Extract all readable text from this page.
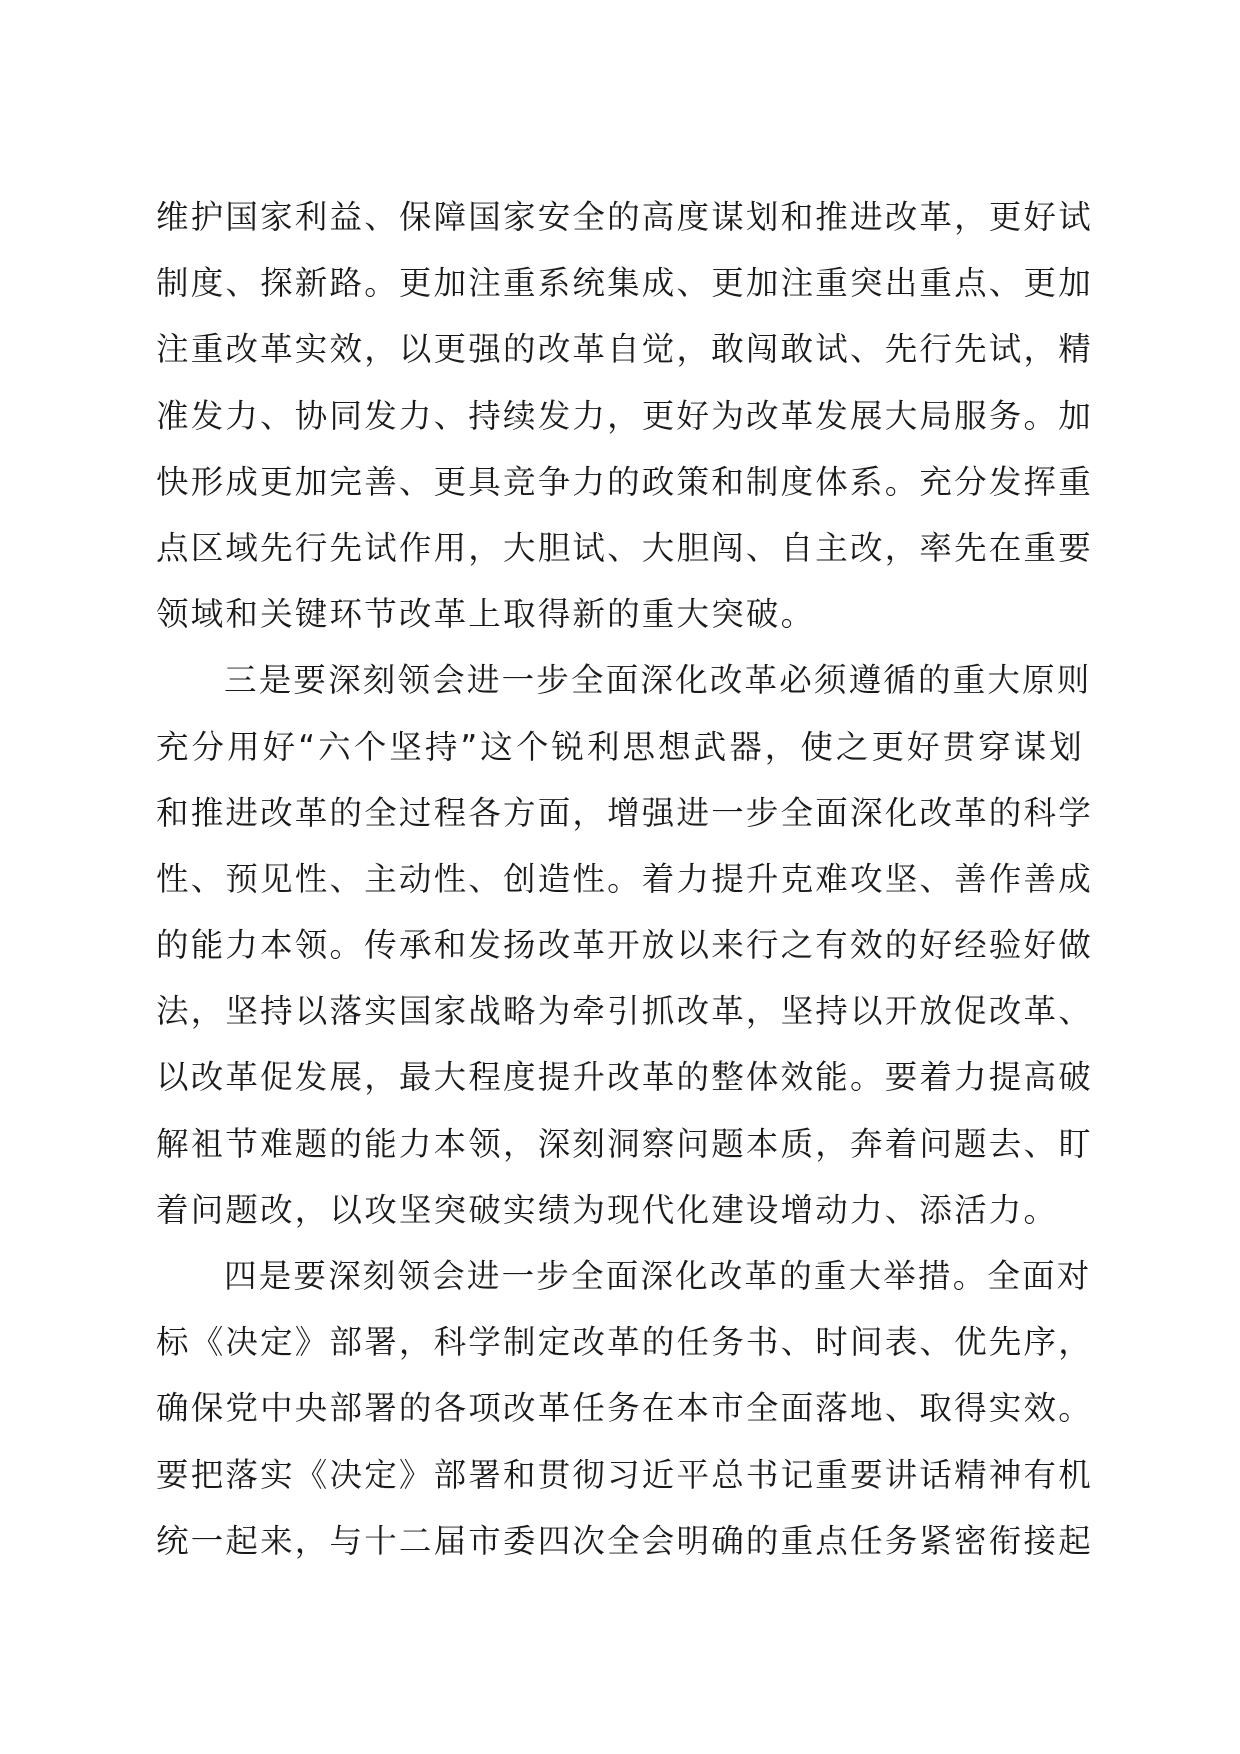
维护国家利益、保障国家安全的高度谋划和推进改革，更好试
制度、探新路。更加注重系统集成、更加注重突出重点、更加
注重改革实效，以更强的改革自觉，敢闯敢试、先行先试，精
准发力、协同发力、持续发力，更好为改革发展大局服务。加
快形成更加完善、更具竞争力的政策和制度体系。充分发挥重
点区域先行先试作用，大胆试、大胆闯、自主改，率先在重要
领域和关键环节改革上取得新的重大突破。
三是要深刻领会进一步全面深化改革必须遵循的重大原则
充分用好“六个坚持”这个锐利思想武器，使之更好贯穿谋划
和推进改革的全过程各方面，增强进一步全面深化改革的科学
性、预见性、主动性、创造性。着力提升克难攻坚、善作善成
的能力本领。传承和发扬改革开放以来行之有效的好经验好做
法，坚持以落实国家战略为牵引抓改革，坚持以开放促改革、
以改革促发展，最大程度提升改革的整体效能。要着力提高破
解袓节难题的能力本领，深刻洞察问题本质，奔着问题去、盯
着问题改，以攻坚突破实绩为现代化建设增动力、添活力。
四是要深刻领会进一步全面深化改革的重大举措。全面对
标《决定》部署，科学制定改革的任务书、时间表、优先序，
确保党中央部署的各项改革任务在本市全面落地、取得实效。
要把落实《决定》部署和贯彻习近平总书记重要讲话精神有机
统一起来，与十二届市委四次全会明确的重点任务紧密衔接起
